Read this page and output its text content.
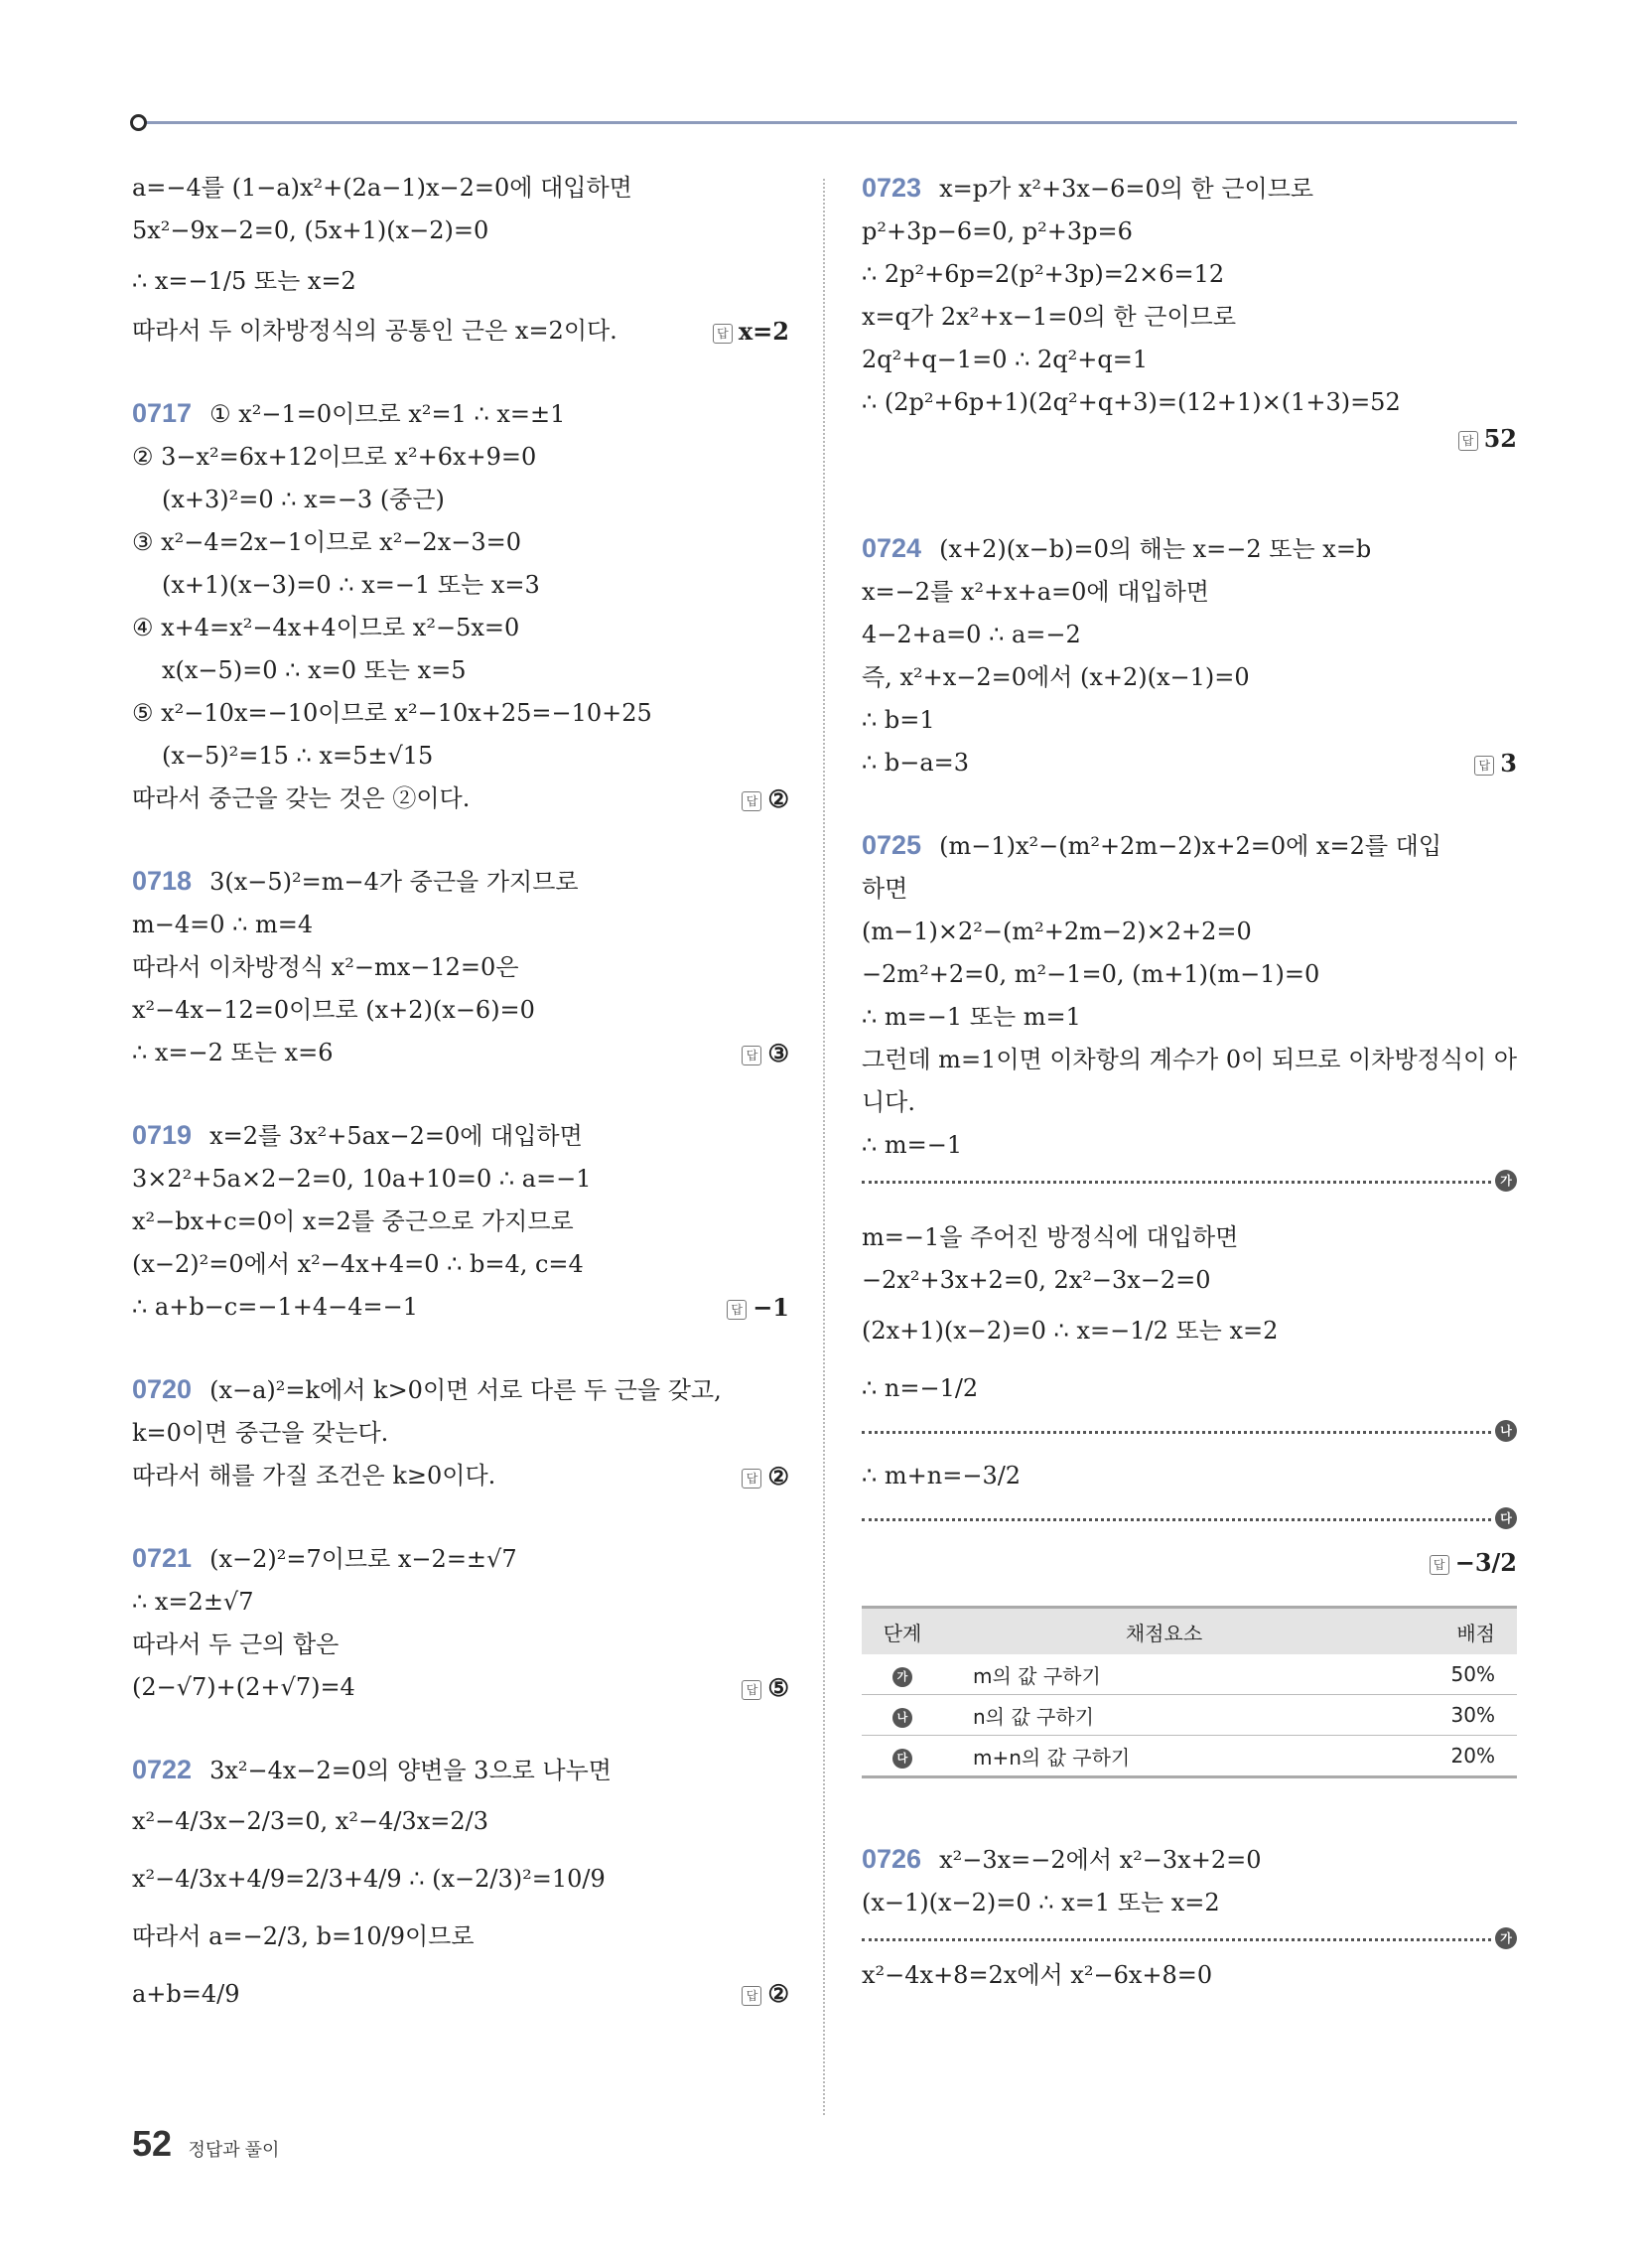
a=−4를 (1−a)x²+(2a−1)x−2=0에 대입하면
5x²−9x−2=0, (5x+1)(x−2)=0
∴ x=−1/5 또는 x=2
따라서 두 이차방정식의 공통인 근은 x=2이다.	답 x=2
0717 ① x²−1=0이므로 x²=1 ∴ x=±1
② 3−x²=6x+12이므로 x²+6x+9=0
(x+3)²=0 ∴ x=−3 (중근)
③ x²−4=2x−1이므로 x²−2x−3=0
(x+1)(x−3)=0 ∴ x=−1 또는 x=3
④ x+4=x²−4x+4이므로 x²−5x=0
x(x−5)=0 ∴ x=0 또는 x=5
⑤ x²−10x=−10이므로 x²−10x+25=−10+25
(x−5)²=15 ∴ x=5±√15
따라서 중근을 갖는 것은 ②이다.	답 ②
0718 3(x−5)²=m−4가 중근을 가지므로
m−4=0 ∴ m=4
따라서 이차방정식 x²−mx−12=0은
x²−4x−12=0이므로 (x+2)(x−6)=0
∴ x=−2 또는 x=6	답 ③
0719 x=2를 3x²+5ax−2=0에 대입하면
3×2²+5a×2−2=0, 10a+10=0 ∴ a=−1
x²−bx+c=0이 x=2를 중근으로 가지므로
(x−2)²=0에서 x²−4x+4=0 ∴ b=4, c=4
∴ a+b−c=−1+4−4=−1	답 −1
0720 (x−a)²=k에서 k>0이면 서로 다른 두 근을 갖고,
k=0이면 중근을 갖는다.
따라서 해를 가질 조건은 k≥0이다.	답 ②
0721 (x−2)²=7이므로 x−2=±√7
∴ x=2±√7
따라서 두 근의 합은
(2−√7)+(2+√7)=4	답 ⑤
0722 3x²−4x−2=0의 양변을 3으로 나누면
x²−4/3x−2/3=0, x²−4/3x=2/3
x²−4/3x+4/9=2/3+4/9 ∴ (x−2/3)²=10/9
따라서 a=−2/3, b=10/9이므로
a+b=4/9	답 ②
0723 x=p가 x²+3x−6=0의 한 근이므로
p²+3p−6=0, p²+3p=6
∴ 2p²+6p=2(p²+3p)=2×6=12
x=q가 2x²+x−1=0의 한 근이므로
2q²+q−1=0 ∴ 2q²+q=1
∴ (2p²+6p+1)(2q²+q+3)=(12+1)×(1+3)=52
답 52
0724 (x+2)(x−b)=0의 해는 x=−2 또는 x=b
x=−2를 x²+x+a=0에 대입하면
4−2+a=0 ∴ a=−2
즉, x²+x−2=0에서 (x+2)(x−1)=0
∴ b=1
∴ b−a=3	답 3
0725 (m−1)x²−(m²+2m−2)x+2=0에 x=2를 대입
하면
(m−1)×2²−(m²+2m−2)×2+2=0
−2m²+2=0, m²−1=0, (m+1)(m−1)=0
∴ m=−1 또는 m=1
그런데 m=1이면 이차항의 계수가 0이 되므로 이차방정식이 아
니다.
∴ m=−1
가
m=−1을 주어진 방정식에 대입하면
−2x²+3x+2=0, 2x²−3x−2=0
(2x+1)(x−2)=0 ∴ x=−1/2 또는 x=2
∴ n=−1/2
나
∴ m+n=−3/2
다
답 −3/2
단계	채점요소	배점
가	m의 값 구하기	50%
나	n의 값 구하기	30%
다	m+n의 값 구하기	20%
0726 x²−3x=−2에서 x²−3x+2=0
(x−1)(x−2)=0 ∴ x=1 또는 x=2
가
x²−4x+8=2x에서 x²−6x+8=0
52 정답과 풀이
